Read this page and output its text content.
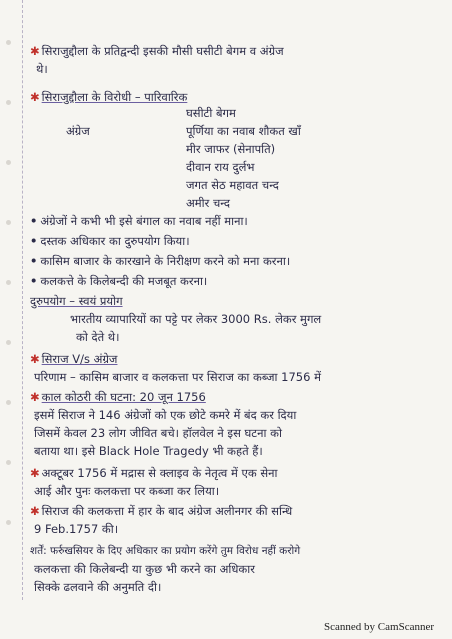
✱ सिराजुद्दौला के प्रतिद्वन्दी इसकी मौसी घसीटी बेगम व अंग्रेज
थे।
✱ सिराजुद्दौला के विरोधी – पारिवारिक
घसीटी बेगम
अंग्रेज	पूर्णिया का नवाब शौकत खाँ
मीर जाफर (सेनापति)
दीवान राय दुर्लभ
जगत सेठ महावत चन्द
अमीर चन्द
• अंग्रेजों ने कभी भी इसे बंगाल का नवाब नहीं माना।
• दस्तक अधिकार का दुरुपयोग किया।
• कासिम बाजार के कारखाने के निरीक्षण करने को मना करना।
• कलकत्ते के किलेबन्दी की मजबूत करना।
दुरुपयोग – स्वयं प्रयोग
भारतीय व्यापारियों का पट्टे पर लेकर 3000 Rs. लेकर मुगल
को देते थे।
✱ सिराज V/s अंग्रेज
परिणाम – कासिम बाजार व कलकत्ता पर सिराज का कब्जा 1756 में
✱ काल कोठरी की घटना: 20 जून 1756
इसमें सिराज ने 146 अंग्रेजों को एक छोटे कमरे में बंद कर दिया
जिसमें केवल 23 लोग जीवित बचे। हॉलवेल ने इस घटना को
बताया था। इसे Black Hole Tragedy भी कहते हैं।
✱ अक्टूबर 1756 में मद्रास से क्लाइव के नेतृत्व में एक सेना
आई और पुनः कलकत्ता पर कब्जा कर लिया।
✱ सिराज की कलकत्ता में हार के बाद अंग्रेज अलीनगर की सन्धि
9 Feb.1757 की।
शर्तें: फर्रुखसियर के दिए अधिकार का प्रयोग करेंगे तुम विरोध नहीं करोगे
कलकत्ता की किलेबन्दी या कुछ भी करने का अधिकार
सिक्के ढलवाने की अनुमति दी।
Scanned by CamScanner
